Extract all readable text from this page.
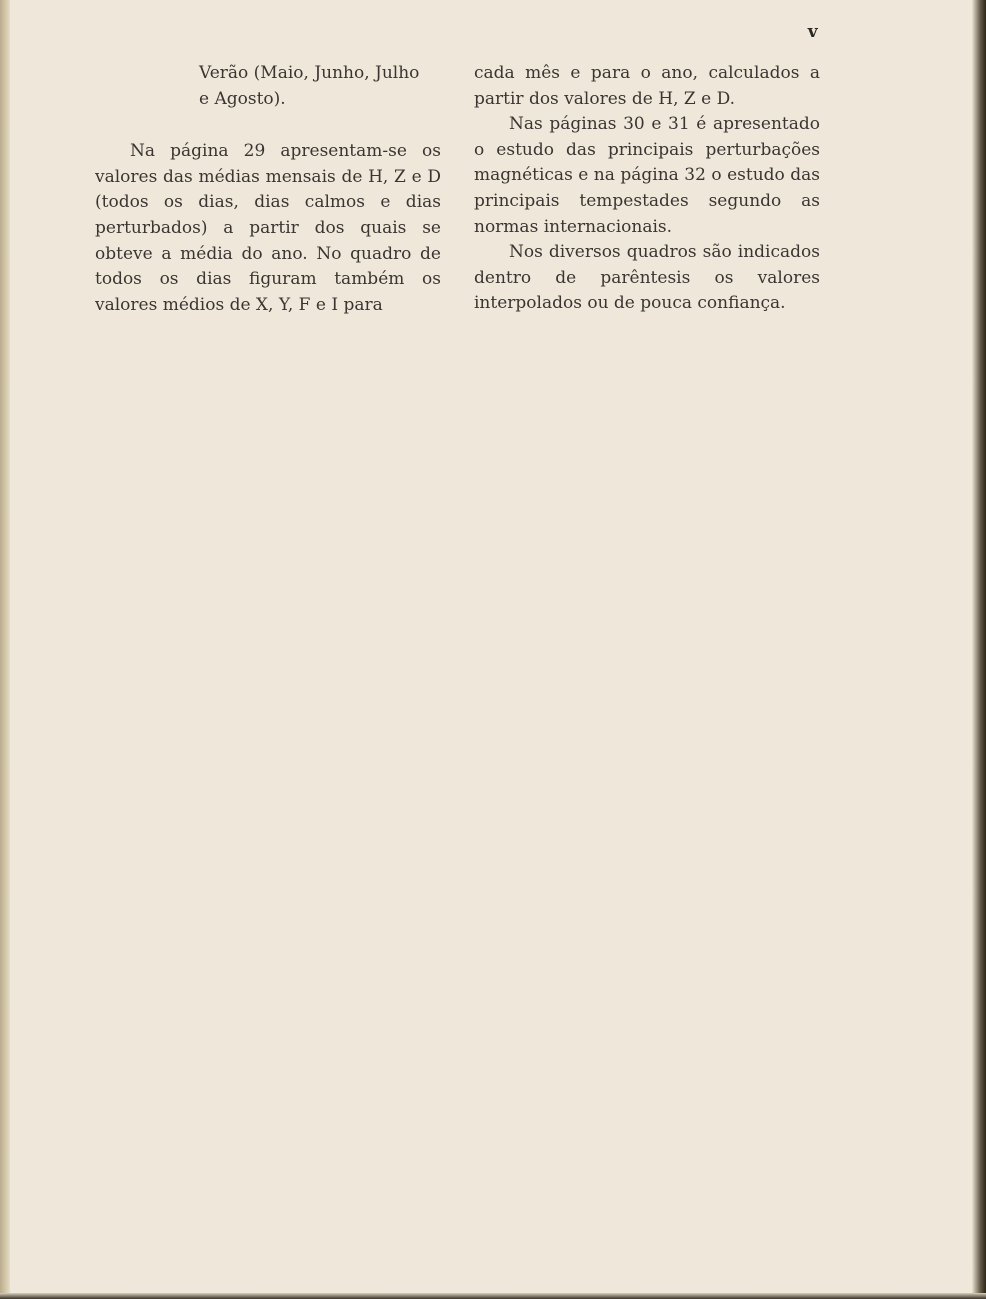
v

Verão (Maio, Junho, Julho

e Agosto).

Na página 29 apresentam-se os valores das médias mensais de H, Z e D (todos os dias, dias calmos e dias perturbados) a partir dos quais se obteve a média do ano. No quadro de todos os dias figuram também os valores médios de X, Y, F e I para

cada mês e para o ano, calculados a partir dos valores de H, Z e D.

Nas páginas 30 e 31 é apresentado o estudo das principais perturbações magnéticas e na página 32 o estudo das principais tempestades segundo as normas internacionais.

Nos diversos quadros são indicados dentro de parêntesis os valores interpolados ou de pouca confiança.
